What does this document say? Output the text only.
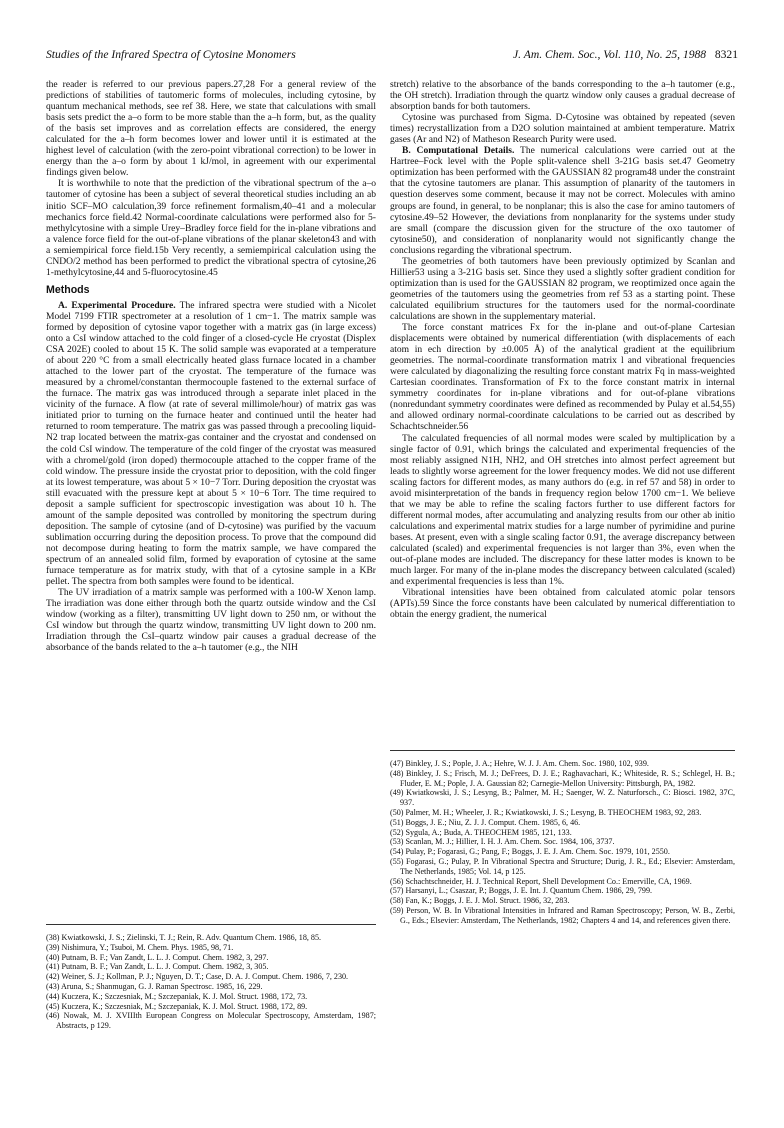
Studies of the Infrared Spectra of Cytosine Monomers	J. Am. Chem. Soc., Vol. 110, No. 25, 1988 8321

the reader is referred to our previous papers.27,28 For a general review of the predictions of stabilities of tautomeric forms of molecules, including cytosine, by quantum mechanical methods, see ref 38. Here, we state that calculations with small basis sets predict the a–o form to be more stable than the a–h form, but, as the quality of the basis set improves and as correlation effects are considered, the energy calculated for the a–h form becomes lower and lower until it is estimated at the highest level of calculation (with the zero-point vibrational correction) to be lower in energy than the a–o form by about 1 kJ/mol, in agreement with our experimental findings given below.

It is worthwhile to note that the prediction of the vibrational spectrum of the a–o tautomer of cytosine has been a subject of several theoretical studies including an ab initio SCF–MO calculation,39 force refinement formalism,40–41 and a molecular mechanics force field.42 Normal-coordinate calculations were performed also for 5-methylcytosine with a simple Urey–Bradley force field for the in-plane vibrations and a valence force field for the out-of-plane vibrations of the planar skeleton43 and with a semiempirical force field.15b Very recently, a semiempirical calculation using the CNDO/2 method has been performed to predict the vibrational spectra of cytosine,26 1-methylcytosine,44 and 5-fluorocytosine.45

Methods

A. Experimental Procedure. The infrared spectra were studied with a Nicolet Model 7199 FTIR spectrometer at a resolution of 1 cm−1. The matrix sample was formed by deposition of cytosine vapor together with a matrix gas (in large excess) onto a CsI window attached to the cold finger of a closed-cycle He cryostat (Displex CSA 202E) cooled to about 15 K. The solid sample was evaporated at a temperature of about 220 °C from a small electrically heated glass furnace located in a chamber attached to the lower part of the cryostat. The temperature of the furnace was measured by a chromel/constantan thermocouple fastened to the external surface of the furnace. The matrix gas was introduced through a separate inlet placed in the vicinity of the furnace. A flow (at rate of several millimole/hour) of matrix gas was initiated prior to turning on the furnace heater and continued until the heater had returned to room temperature. The matrix gas was passed through a precooling liquid-N2 trap located between the matrix-gas container and the cryostat and condensed on the cold CsI window. The temperature of the cold finger of the cryostat was measured with a chromel/gold (iron doped) thermocouple attached to the copper frame of the cold window. The pressure inside the cryostat prior to deposition, with the cold finger at its lowest temperature, was about 5 × 10−7 Torr. During deposition the cryostat was still evacuated with the pressure kept at about 5 × 10−6 Torr. The time required to deposit a sample sufficient for spectroscopic investigation was about 10 h. The amount of the sample deposited was controlled by monitoring the spectrum during deposition. The sample of cytosine (and of D-cytosine) was purified by the vacuum sublimation occurring during the deposition process. To prove that the compound did not decompose during heating to form the matrix sample, we have compared the spectrum of an annealed solid film, formed by evaporation of cytosine at the same furnace temperature as for matrix study, with that of a cytosine sample in a KBr pellet. The spectra from both samples were found to be identical.

The UV irradiation of a matrix sample was performed with a 100-W Xenon lamp. The irradiation was done either through both the quartz outside window and the CsI window (working as a filter), transmitting UV light down to 250 nm, or without the CsI window but through the quartz window, transmitting UV light down to 200 nm. Irradiation through the CsI–quartz window pair causes a gradual decrease of the absorbance of the bands related to the a–h tautomer (e.g., the NIH

(38) Kwiatkowski, J. S.; Zielinski, T. J.; Rein, R. Adv. Quantum Chem. 1986, 18, 85.

(39) Nishimura, Y.; Tsuboi, M. Chem. Phys. 1985, 98, 71.

(40) Putnam, B. F.; Van Zandt, L. L. J. Comput. Chem. 1982, 3, 297.

(41) Putnam, B. F.; Van Zandt, L. L. J. Comput. Chem. 1982, 3, 305.

(42) Weiner, S. J.; Kollman, P. J.; Nguyen, D. T.; Case, D. A. J. Comput. Chem. 1986, 7, 230.

(43) Aruna, S.; Shanmugan, G. J. Raman Spectrosc. 1985, 16, 229.

(44) Kuczera, K.; Szczesniak, M.; Szczepaniak, K. J. Mol. Struct. 1988, 172, 73.

(45) Kuczera, K.; Szczesniak, M.; Szczepaniak, K. J. Mol. Struct. 1988, 172, 89.

(46) Nowak, M. J. XVIIIth European Congress on Molecular Spectroscopy, Amsterdam, 1987; Abstracts, p 129.

stretch) relative to the absorbance of the bands corresponding to the a–h tautomer (e.g., the OH stretch). Irradiation through the quartz window only causes a gradual decrease of absorption bands for both tautomers.

Cytosine was purchased from Sigma. D-Cytosine was obtained by repeated (seven times) recrystallization from a D2O solution maintained at ambient temperature. Matrix gases (Ar and N2) of Matheson Research Purity were used.

B. Computational Details. The numerical calculations were carried out at the Hartree–Fock level with the Pople split-valence shell 3-21G basis set.47 Geometry optimization has been performed with the GAUSSIAN 82 program48 under the constraint that the cytosine tautomers are planar. This assumption of planarity of the tautomers in question deserves some comment, because it may not be correct. Molecules with amino groups are found, in general, to be nonplanar; this is also the case for amino tautomers of cytosine.49–52 However, the deviations from nonplanarity for the systems under study are small (compare the discussion given for the structure of the oxo tautomer of cytosine50), and consideration of nonplanarity would not significantly change the conclusions regarding the vibrational spectrum.

The geometries of both tautomers have been previously optimized by Scanlan and Hillier53 using a 3-21G basis set. Since they used a slightly softer gradient condition for optimization than is used for the GAUSSIAN 82 program, we reoptimized once again the geometries of the tautomers using the geometries from ref 53 as a starting point. These calculated equilibrium structures for the tautomers used for the normal-coordinate calculations are shown in the supplementary material.

The force constant matrices Fx for the in-plane and out-of-plane Cartesian displacements were obtained by numerical differentiation (with displacements of each atom in ech direction by ±0.005 Å) of the analytical gradient at the equilibrium geometries. The normal-coordinate transformation matrix l and vibrational frequencies were calculated by diagonalizing the resulting force constant matrix Fq in mass-weighted Cartesian coordinates. Transformation of Fx to the force constant matrix in internal symmetry coordinates for in-plane vibrations and for out-of-plane vibrations (nonredundant symmetry coordinates were defined as recommended by Pulay et al.54,55) and allowed ordinary normal-coordinate calculations to be carried out as described by Schachtschneider.56

The calculated frequencies of all normal modes were scaled by multiplication by a single factor of 0.91, which brings the calculated and experimental frequencies of the most reliably assigned N1H, NH2, and OH stretches into almost perfect agreement but leads to slightly worse agreement for the lower frequency modes. We did not use different scaling factors for different modes, as many authors do (e.g. in ref 57 and 58) in order to avoid misinterpretation of the bands in frequency region below 1700 cm−1. We believe that we may be able to refine the scaling factors further to use different factors for different normal modes, after accumulating and analyzing results from our other ab initio calculations and experimental matrix studies for a large number of pyrimidine and purine bases. At present, even with a single scaling factor 0.91, the average discrepancy between calculated (scaled) and experimental frequencies is not larger than 3%, even when the out-of-plane modes are included. The discrepancy for these latter modes is known to be much larger. For many of the in-plane modes the discrepancy between calculated (scaled) and experimental frequencies is less than 1%.

Vibrational intensities have been obtained from calculated atomic polar tensors (APTs).59 Since the force constants have been calculated by numerical differentiation to obtain the energy gradient, the numerical

(47) Binkley, J. S.; Pople, J. A.; Hehre, W. J. J. Am. Chem. Soc. 1980, 102, 939.

(48) Binkley, J. S.; Frisch, M. J.; DeFrees, D. J. E.; Raghavachari, K.; Whiteside, R. S.; Schlegel, H. B.; Fluder, E. M.; Pople, J. A. Gaussian 82; Carnegie-Mellon University: Pittsburgh, PA, 1982.

(49) Kwiatkowski, J. S.; Lesyng, B.; Palmer, M. H.; Saenger, W. Z. Naturforsch., C: Biosci. 1982, 37C, 937.

(50) Palmer, M. H.; Wheeler, J. R.; Kwiatkowski, J. S.; Lesyng, B. THEOCHEM 1983, 92, 283.

(51) Boggs, J. E.; Niu, Z. J. J. Comput. Chem. 1985, 6, 46.

(52) Sygula, A.; Buda, A. THEOCHEM 1985, 121, 133.

(53) Scanlan, M. J.; Hillier, I. H. J. Am. Chem. Soc. 1984, 106, 3737.

(54) Pulay, P.; Fogarasi, G.; Pang, F.; Boggs, J. E. J. Am. Chem. Soc. 1979, 101, 2550.

(55) Fogarasi, G.; Pulay, P. In Vibrational Spectra and Structure; Durig, J. R., Ed.; Elsevier: Amsterdam, The Netherlands, 1985; Vol. 14, p 125.

(56) Schachtschneider, H. J. Technical Report, Shell Development Co.: Emerville, CA, 1969.

(57) Harsanyi, L.; Csaszar, P.; Boggs, J. E. Int. J. Quantum Chem. 1986, 29, 799.

(58) Fan, K.; Boggs, J. E. J. Mol. Struct. 1986, 32, 283.

(59) Person, W. B. In Vibrational Intensities in Infrared and Raman Spectroscopy; Person, W. B., Zerbi, G., Eds.; Elsevier: Amsterdam, The Netherlands, 1982; Chapters 4 and 14, and references given there.
